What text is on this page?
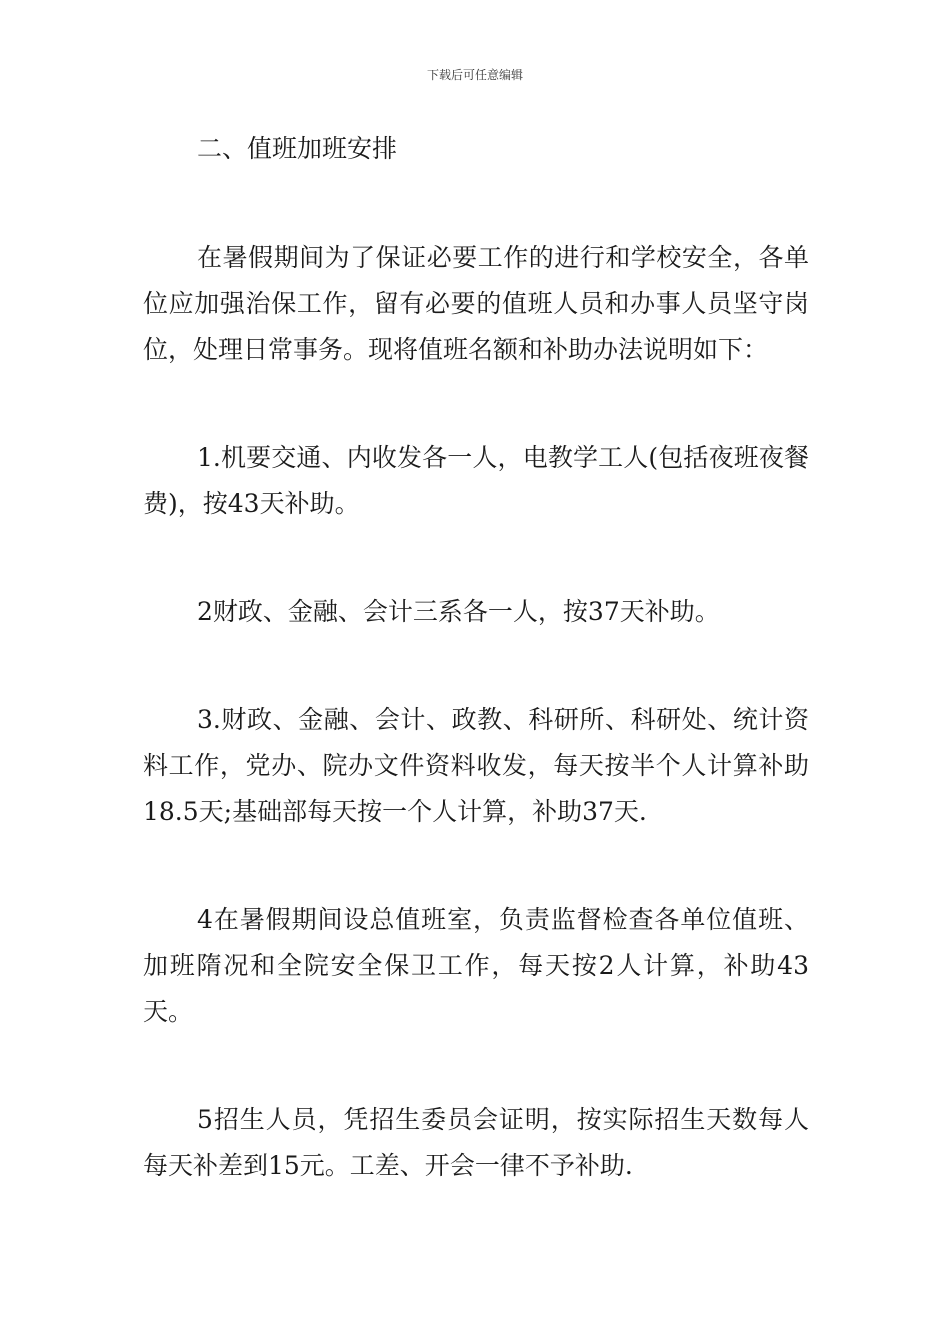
下载后可任意编辑
二、值班加班安排

在暑假期间为了保证必要工作的进行和学校安全，各单位应加强治保工作，留有必要的值班人员和办事人员坚守岗位，处理日常事务。现将值班名额和补助办法说明如下：

1.机要交通、内收发各一人，电教学工人(包括夜班夜餐费)，按43天补助。

2财政、金融、会计三系各一人，按37天补助。

3.财政、金融、会计、政教、科研所、科研处、统计资料工作，党办、院办文件资料收发，每天按半个人计算补助18.5天;基础部每天按一个人计算，补助37天.

4在暑假期间设总值班室，负责监督检查各单位值班、加班隋况和全院安全保卫工作，每天按2人计算，补助43天。

5招生人员，凭招生委员会证明，按实际招生天数每人每天补差到15元。工差、开会一律不予补助.
